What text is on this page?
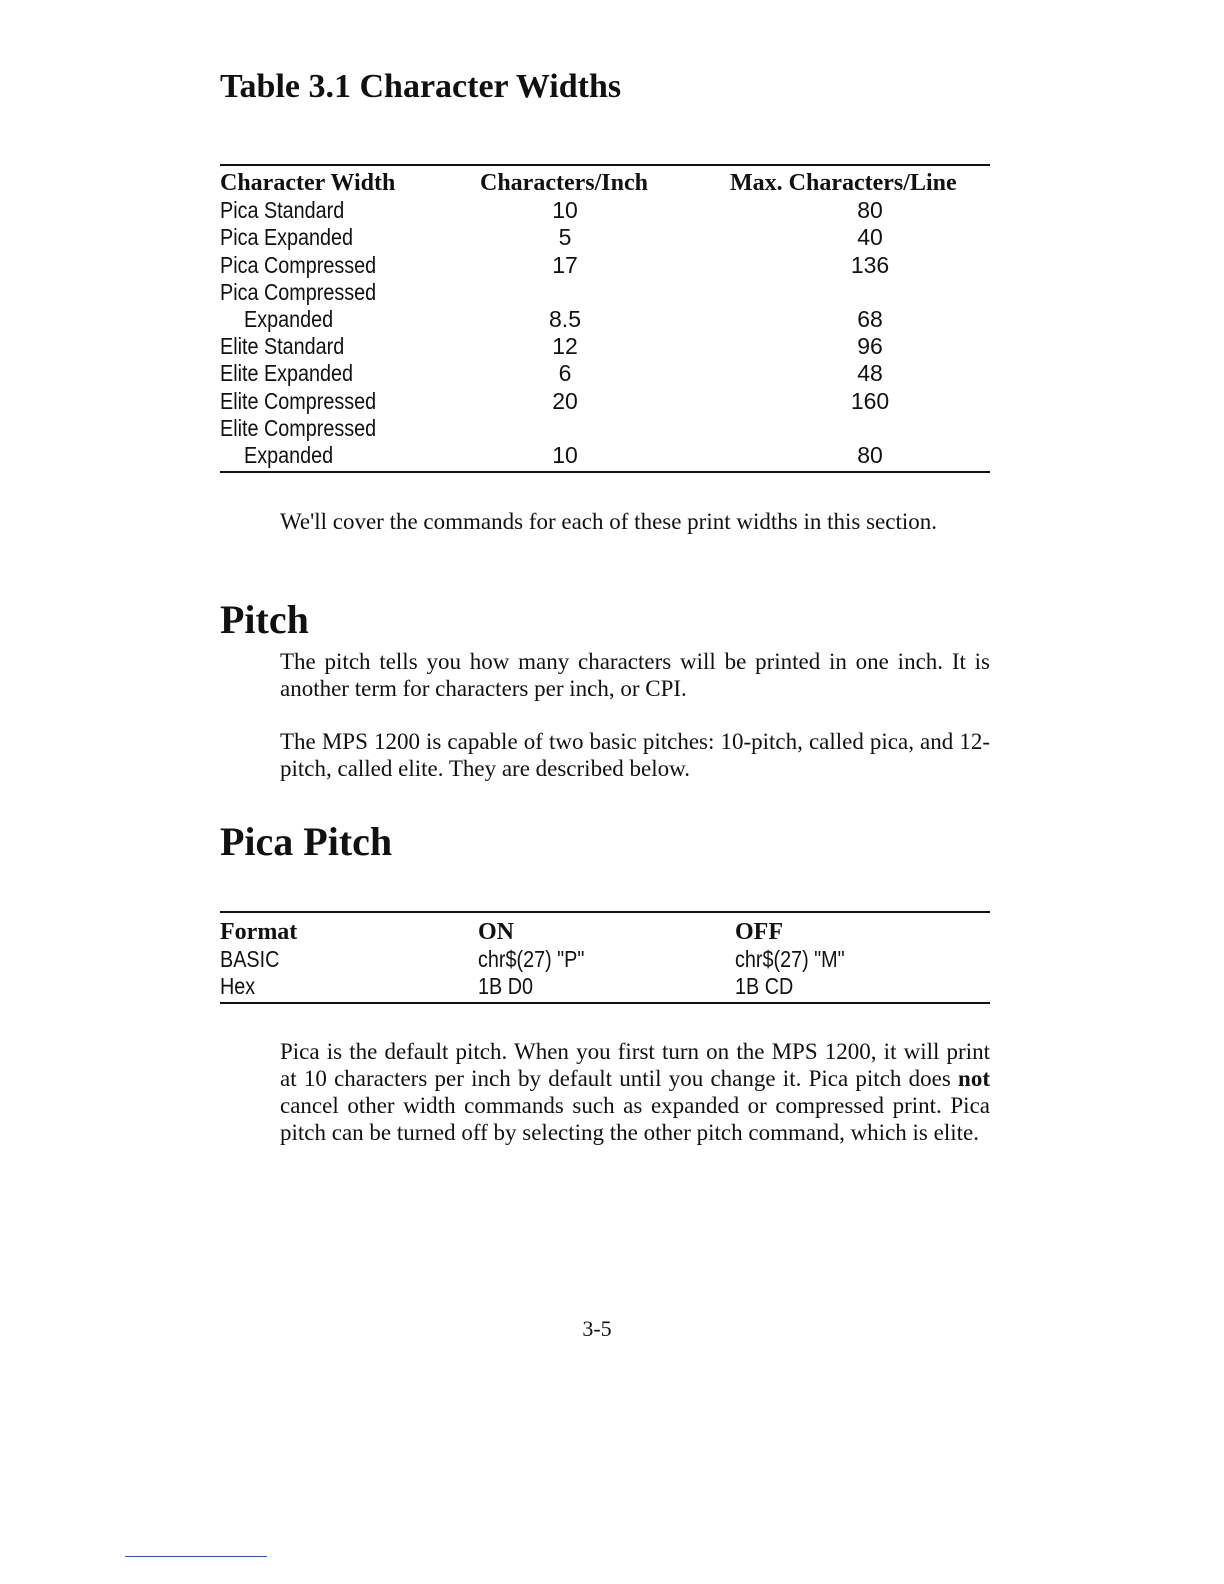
Table 3.1 Character Widths
Character Width	Characters/Inch	Max. Characters/Line
Pica Standard	10	80
Pica Expanded	5	40
Pica Compressed	17	136
Pica Compressed
Expanded	8.5	68
Elite Standard	12	96
Elite Expanded	6	48
Elite Compressed	20	160
Elite Compressed
Expanded	10	80

We'll cover the commands for each of these print widths in this section.

Pitch

The pitch tells you how many characters will be printed in one inch. It is another term for characters per inch, or CPI.

The MPS 1200 is capable of two basic pitches: 10-pitch, called pica, and 12-pitch, called elite. They are described below.

Pica Pitch
Format	ON	OFF
BASIC	chr$(27) "P"	chr$(27) "M"
Hex	1B D0	1B CD

Pica is the default pitch. When you first turn on the MPS 1200, it will print at 10 characters per inch by default until you change it. Pica pitch does not cancel other width commands such as expanded or compressed print. Pica pitch can be turned off by selecting the other pitch command, which is elite.

3-5
